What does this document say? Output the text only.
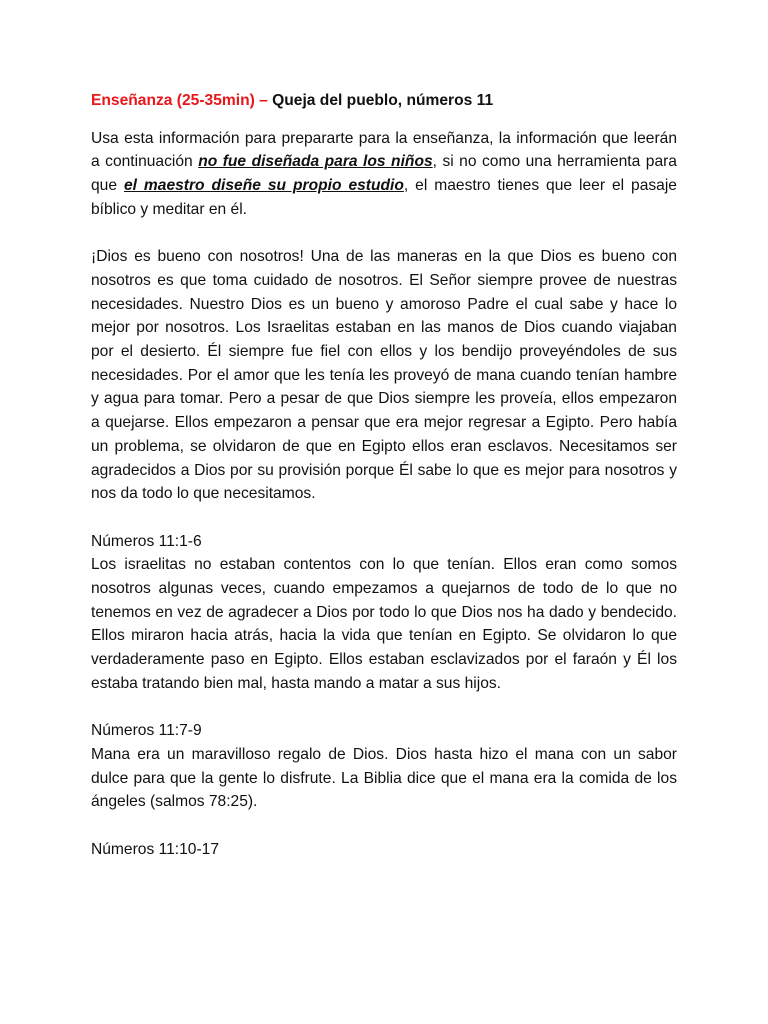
Enseñanza (25-35min) – Queja del pueblo, números 11

Usa esta información para prepararte para la enseñanza, la información que leerán a continuación no fue diseñada para los niños, si no como una herramienta para que el maestro diseñe su propio estudio, el maestro tienes que leer el pasaje bíblico y meditar en él.

¡Dios es bueno con nosotros! Una de las maneras en la que Dios es bueno con nosotros es que toma cuidado de nosotros. El Señor siempre provee de nuestras necesidades. Nuestro Dios es un bueno y amoroso Padre el cual sabe y hace lo mejor por nosotros. Los Israelitas estaban en las manos de Dios cuando viajaban por el desierto. Él siempre fue fiel con ellos y los bendijo proveyéndoles de sus necesidades. Por el amor que les tenía les proveyó de mana cuando tenían hambre y agua para tomar. Pero a pesar de que Dios siempre les proveía, ellos empezaron a quejarse. Ellos empezaron a pensar que era mejor regresar a Egipto. Pero había un problema, se olvidaron de que en Egipto ellos eran esclavos. Necesitamos ser agradecidos a Dios por su provisión porque Él sabe lo que es mejor para nosotros y nos da todo lo que necesitamos.

Números 11:1-6

Los israelitas no estaban contentos con lo que tenían. Ellos eran como somos nosotros algunas veces, cuando empezamos a quejarnos de todo de lo que no tenemos en vez de agradecer a Dios por todo lo que Dios nos ha dado y bendecido. Ellos miraron hacia atrás, hacia la vida que tenían en Egipto. Se olvidaron lo que verdaderamente paso en Egipto. Ellos estaban esclavizados por el faraón y Él los estaba tratando bien mal, hasta mando a matar a sus hijos.

Números 11:7-9

Mana era un maravilloso regalo de Dios. Dios hasta hizo el mana con un sabor dulce para que la gente lo disfrute. La Biblia dice que el mana era la comida de los ángeles (salmos 78:25).

Números 11:10-17
